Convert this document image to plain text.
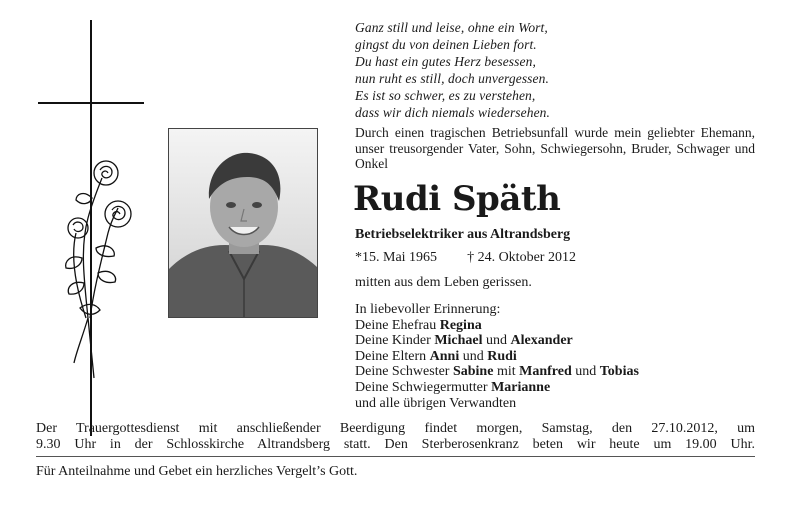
Ganz still und leise, ohne ein Wort,
gingst du von deinen Lieben fort.
Du hast ein gutes Herz besessen,
nun ruht es still, doch unvergessen.
Es ist so schwer, es zu verstehen,
dass wir dich niemals wiedersehen.
Durch einen tragischen Betriebsunfall wurde mein geliebter Ehemann, unser treusorgender Vater, Sohn, Schwiegersohn, Bruder, Schwager und Onkel
Rudi Späth
Betriebselektriker aus Altrandsberg
*15. Mai 1965 † 24. Oktober 2012
mitten aus dem Leben gerissen.
In liebevoller Erinnerung:
Deine Ehefrau Regina
Deine Kinder Michael und Alexander
Deine Eltern Anni und Rudi
Deine Schwester Sabine mit Manfred und Tobias
Deine Schwiegermutter Marianne
und alle übrigen Verwandten
Der Trauergottesdienst mit anschließender Beerdigung findet morgen, Samstag, den 27.10.2012, um
9.30 Uhr in der Schlosskirche Altrandsberg statt. Den Sterberosenkranz beten wir heute um 19.00 Uhr.
Für Anteilnahme und Gebet ein herzliches Vergelt’s Gott.
